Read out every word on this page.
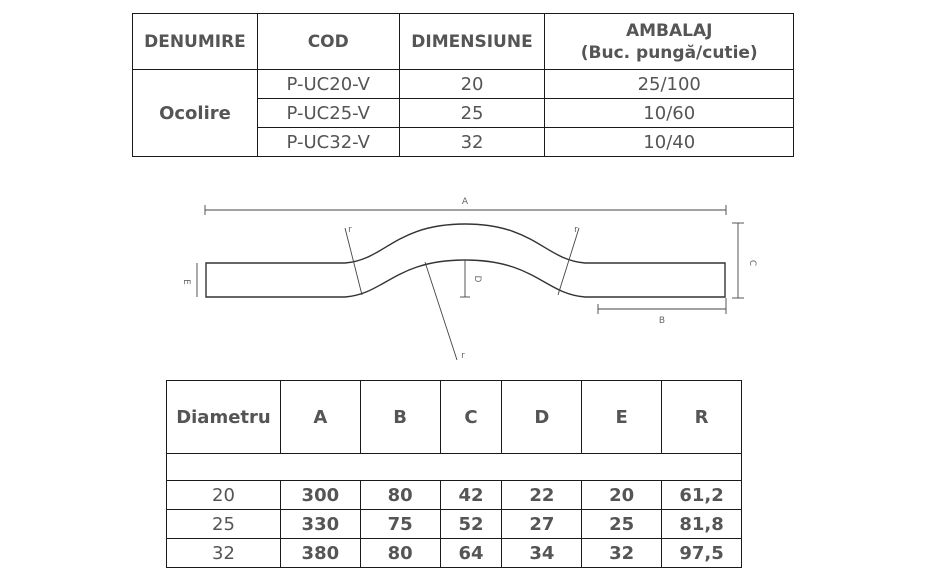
DENUMIRE	COD	DIMENSIUNE	AMBALAJ
(Buc. pungă/cutie)

Ocolire	P-UC20-V	20	25/100
	P-UC25-V	25	10/60
	P-UC32-V	32	10/40
A
C
B
D
E
r	r
r
Diametru	A	B	C	D	E	R

20	300	80	42	22	20	61,2
25	330	75	52	27	25	81,8
32	380	80	64	34	32	97,5
